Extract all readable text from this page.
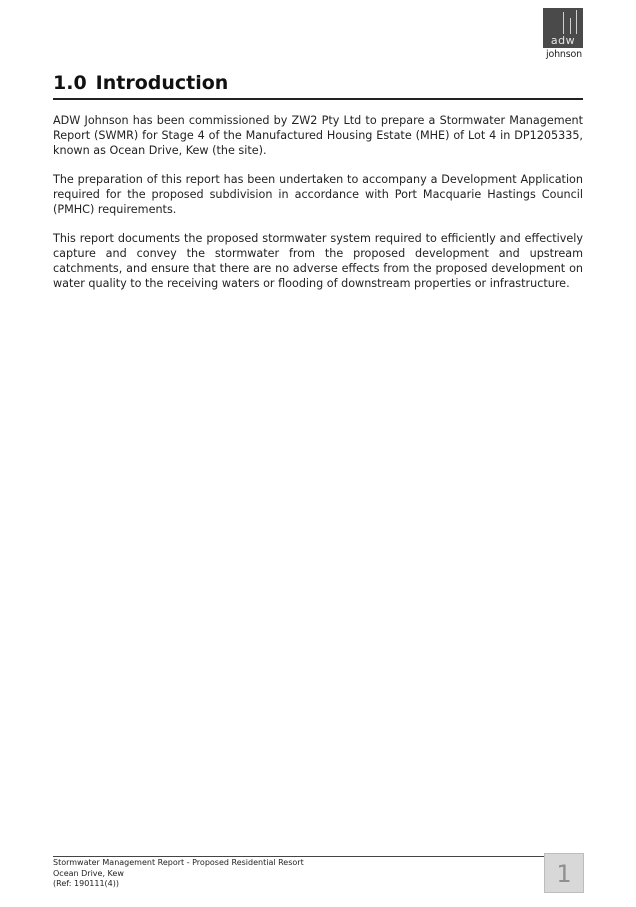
adw
johnson
1.0 Introduction

ADW Johnson has been commissioned by ZW2 Pty Ltd to prepare a Stormwater Management Report (SWMR) for Stage 4 of the Manufactured Housing Estate (MHE) of Lot 4 in DP1205335, known as Ocean Drive, Kew (the site).

The preparation of this report has been undertaken to accompany a Development Application required for the proposed subdivision in accordance with Port Macquarie Hastings Council (PMHC) requirements.

This report documents the proposed stormwater system required to efficiently and effectively capture and convey the stormwater from the proposed development and upstream catchments, and ensure that there are no adverse effects from the proposed development on water quality to the receiving waters or flooding of downstream properties or infrastructure.

Stormwater Management Report - Proposed Residential Resort
Ocean Drive, Kew
(Ref: 190111(4))	1
